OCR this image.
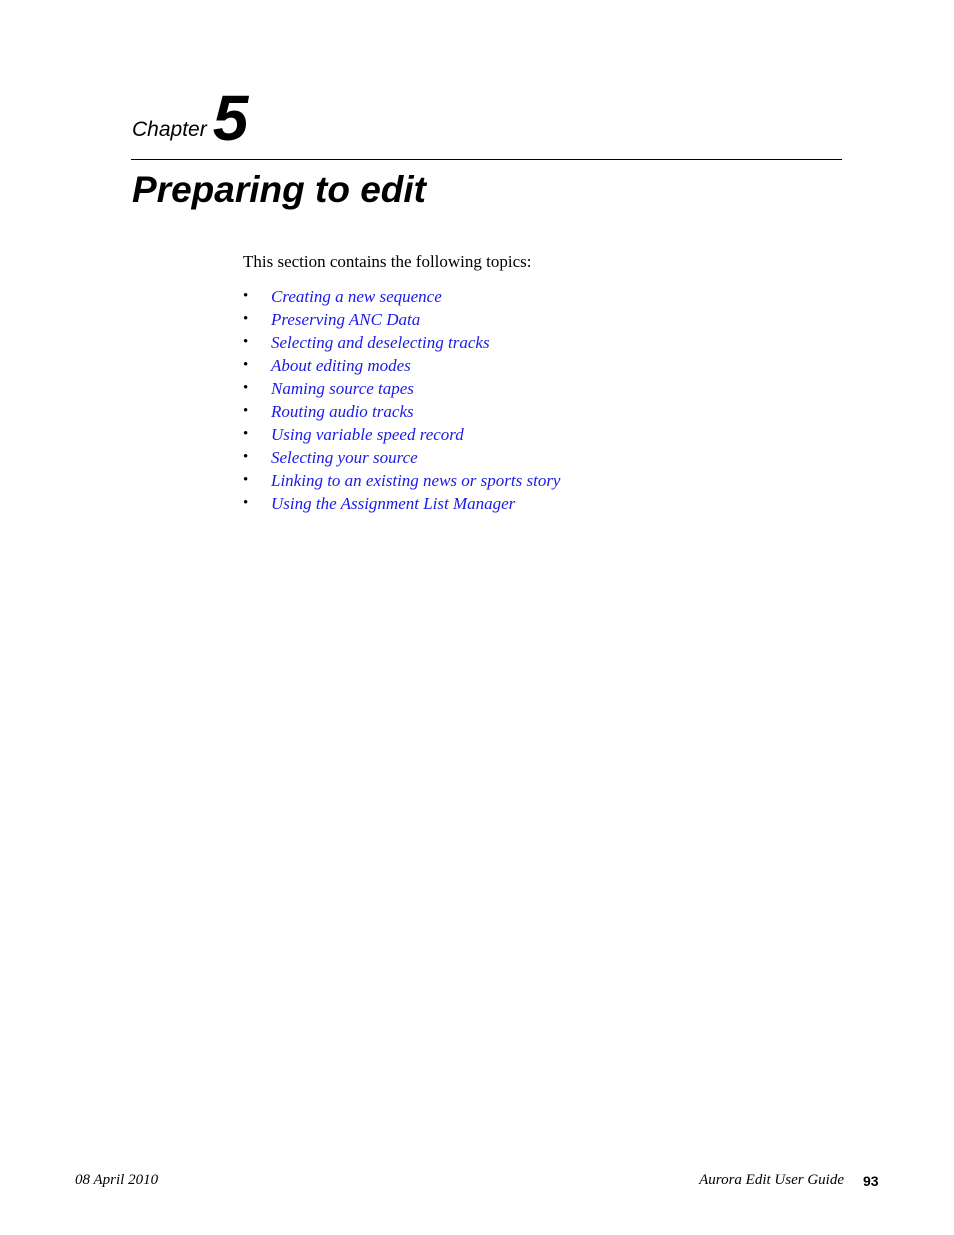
Chapter 5
Preparing to edit

This section contains the following topics:

•	Creating a new sequence
•	Preserving ANC Data
•	Selecting and deselecting tracks
•	About editing modes
•	Naming source tapes
•	Routing audio tracks
•	Using variable speed record
•	Selecting your source
•	Linking to an existing news or sports story
•	Using the Assignment List Manager
08 April 2010	Aurora Edit User Guide 93
